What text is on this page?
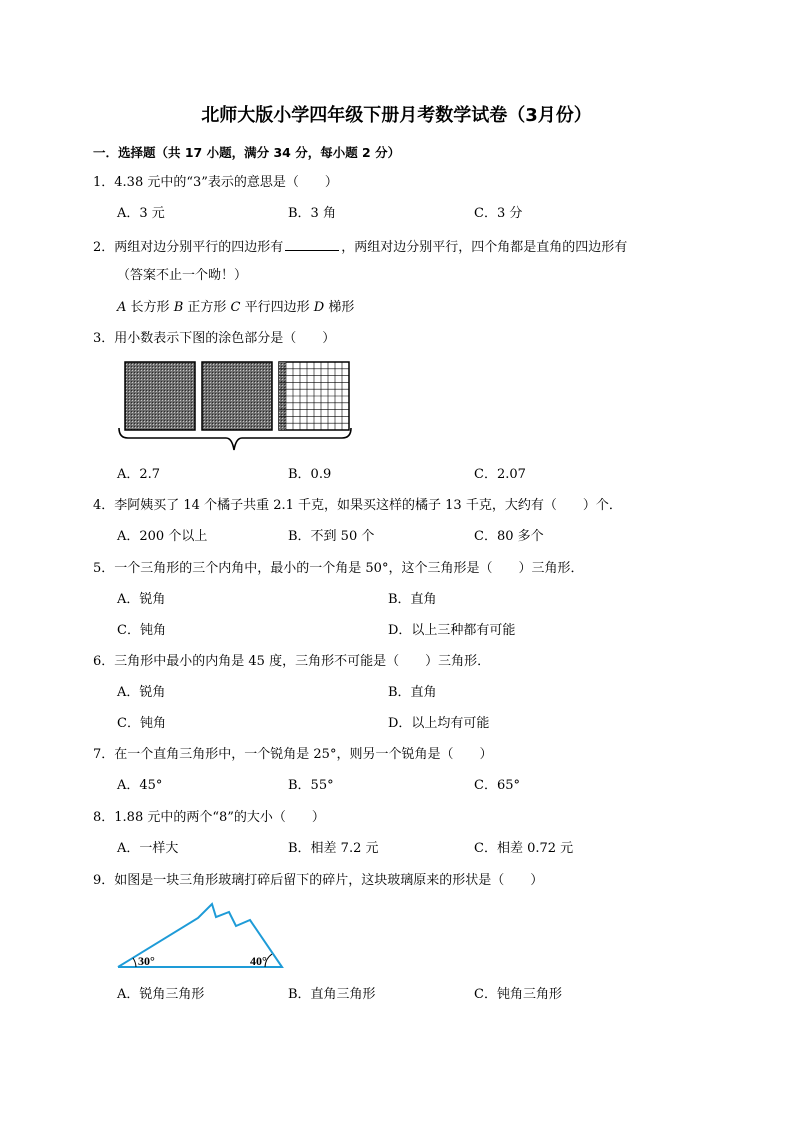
北师大版小学四年级下册月考数学试卷（3月份）
一．选择题（共 17 小题，满分 34 分，每小题 2 分）
1．4.38 元中的“3”表示的意思是（　　）
A．3 元	B．3 角	C．3 分
2．两组对边分别平行的四边形有	，两组对边分别平行，四个角都是直角的四边形有
（答案不止一个呦！）
A 长方形 B 正方形 C 平行四边形 D 梯形
3．用小数表示下图的涂色部分是（　　）
A．2.7	B．0.9	C．2.07
4．李阿姨买了 14 个橘子共重 2.1 千克，如果买这样的橘子 13 千克，大约有（　　）个．
A．200 个以上	B．不到 50 个	C．80 多个
5．一个三角形的三个内角中，最小的一个角是 50°，这个三角形是（　　）三角形．
A．锐角	B．直角
C．钝角	D．以上三种都有可能
6．三角形中最小的内角是 45 度，三角形不可能是（　　）三角形．
A．锐角	B．直角
C．钝角	D．以上均有可能
7．在一个直角三角形中，一个锐角是 25°，则另一个锐角是（　　）
A．45°	B．55°	C．65°
8．1.88 元中的两个“8”的大小（　　）
A．一样大	B．相差 7.2 元	C．相差 0.72 元
9．如图是一块三角形玻璃打碎后留下的碎片，这块玻璃原来的形状是（　　）
30°	40°
A．锐角三角形	B．直角三角形	C．钝角三角形
